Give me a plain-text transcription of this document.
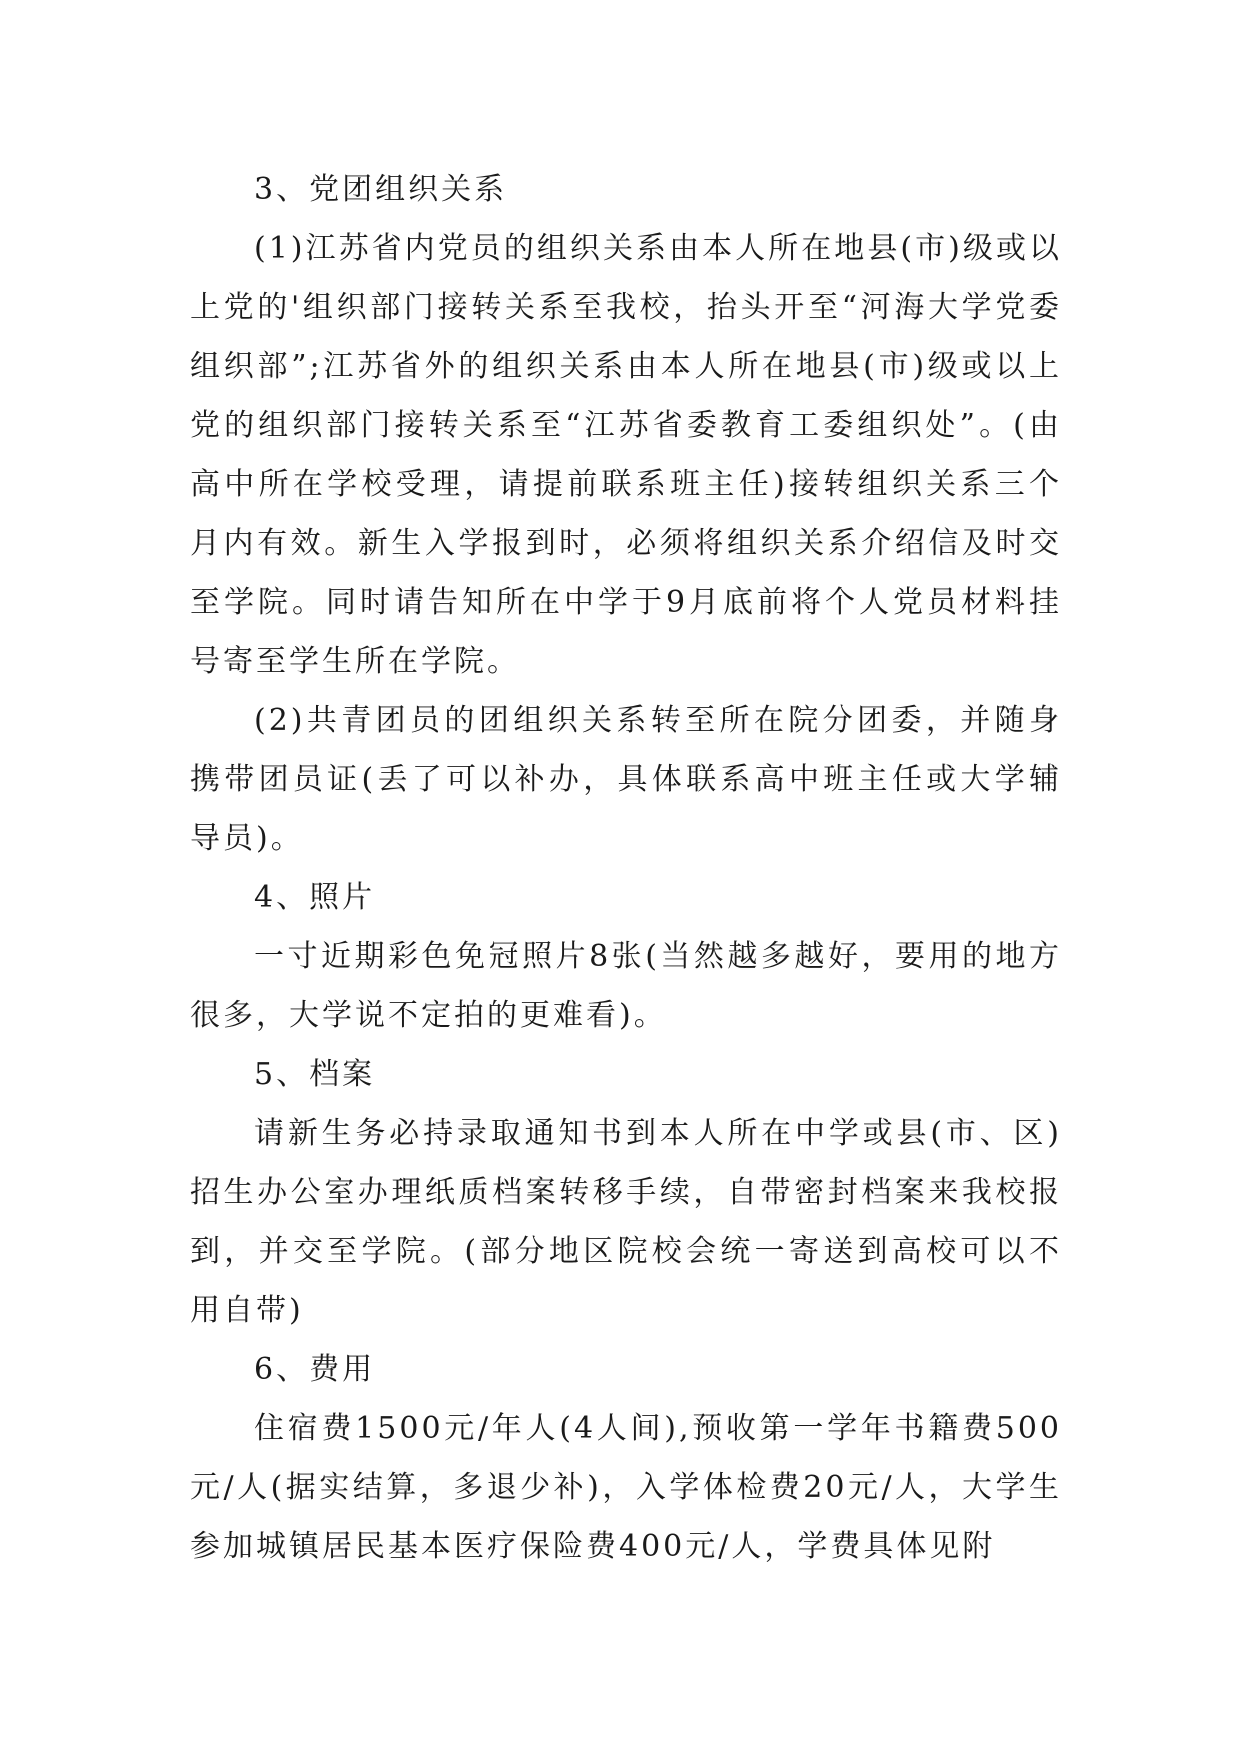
3、党团组织关系

(1)江苏省内党员的组织关系由本人所在地县(市)级或以上党的'组织部门接转关系至我校，抬头开至“河海大学党委组织部”;江苏省外的组织关系由本人所在地县(市)级或以上党的组织部门接转关系至“江苏省委教育工委组织处”。(由高中所在学校受理，请提前联系班主任)接转组织关系三个月内有效。新生入学报到时，必须将组织关系介绍信及时交至学院。同时请告知所在中学于9月底前将个人党员材料挂号寄至学生所在学院。

(2)共青团员的团组织关系转至所在院分团委，并随身携带团员证(丢了可以补办，具体联系高中班主任或大学辅导员)。

4、照片

一寸近期彩色免冠照片8张(当然越多越好，要用的地方很多，大学说不定拍的更难看)。

5、档案

请新生务必持录取通知书到本人所在中学或县(市、区)招生办公室办理纸质档案转移手续，自带密封档案来我校报到，并交至学院。(部分地区院校会统一寄送到高校可以不用自带)

6、费用

住宿费1500元/年人(4人间),预收第一学年书籍费500元/人(据实结算，多退少补)，入学体检费20元/人，大学生参加城镇居民基本医疗保险费400元/人，学费具体见附
